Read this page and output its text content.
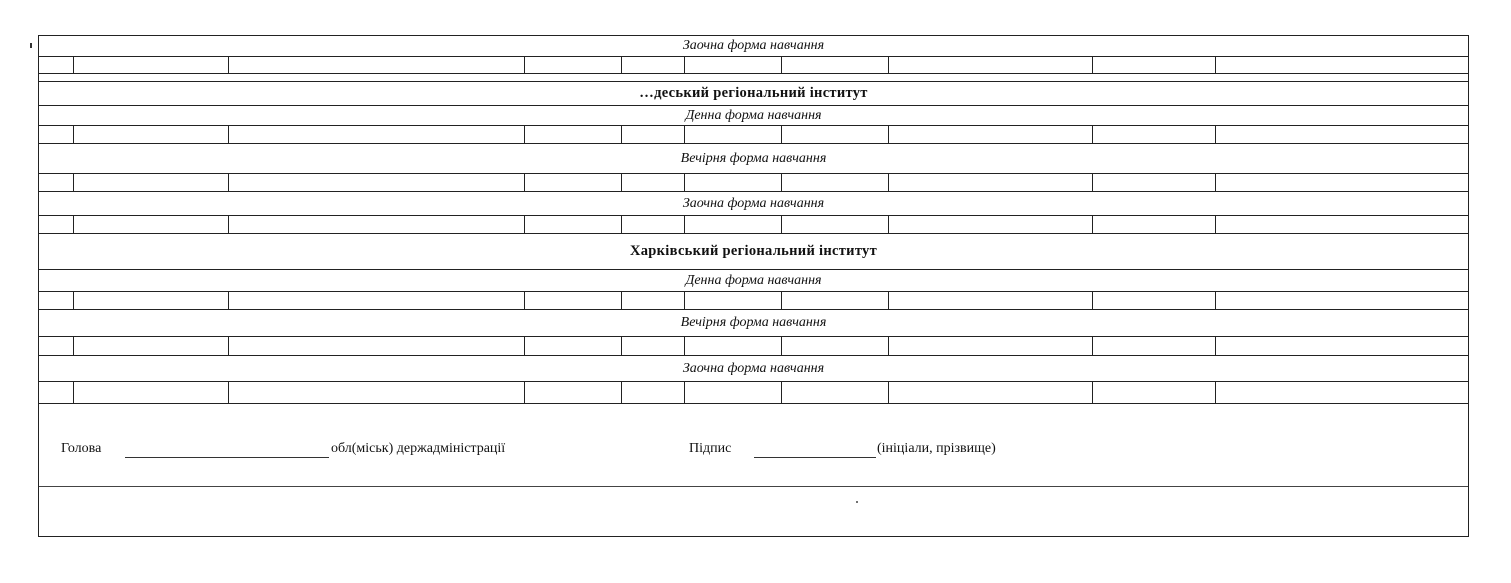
Заочна форма навчання
…деський регіональний інститут
Денна форма навчання
Вечірня форма навчання
Заочна форма навчання
Харківський регіональний інститут
Денна форма навчання
Вечірня форма навчання
Заочна форма навчання
Голова	обл(міськ) держадміністрації	Підпис	(ініціали, прізвище)
